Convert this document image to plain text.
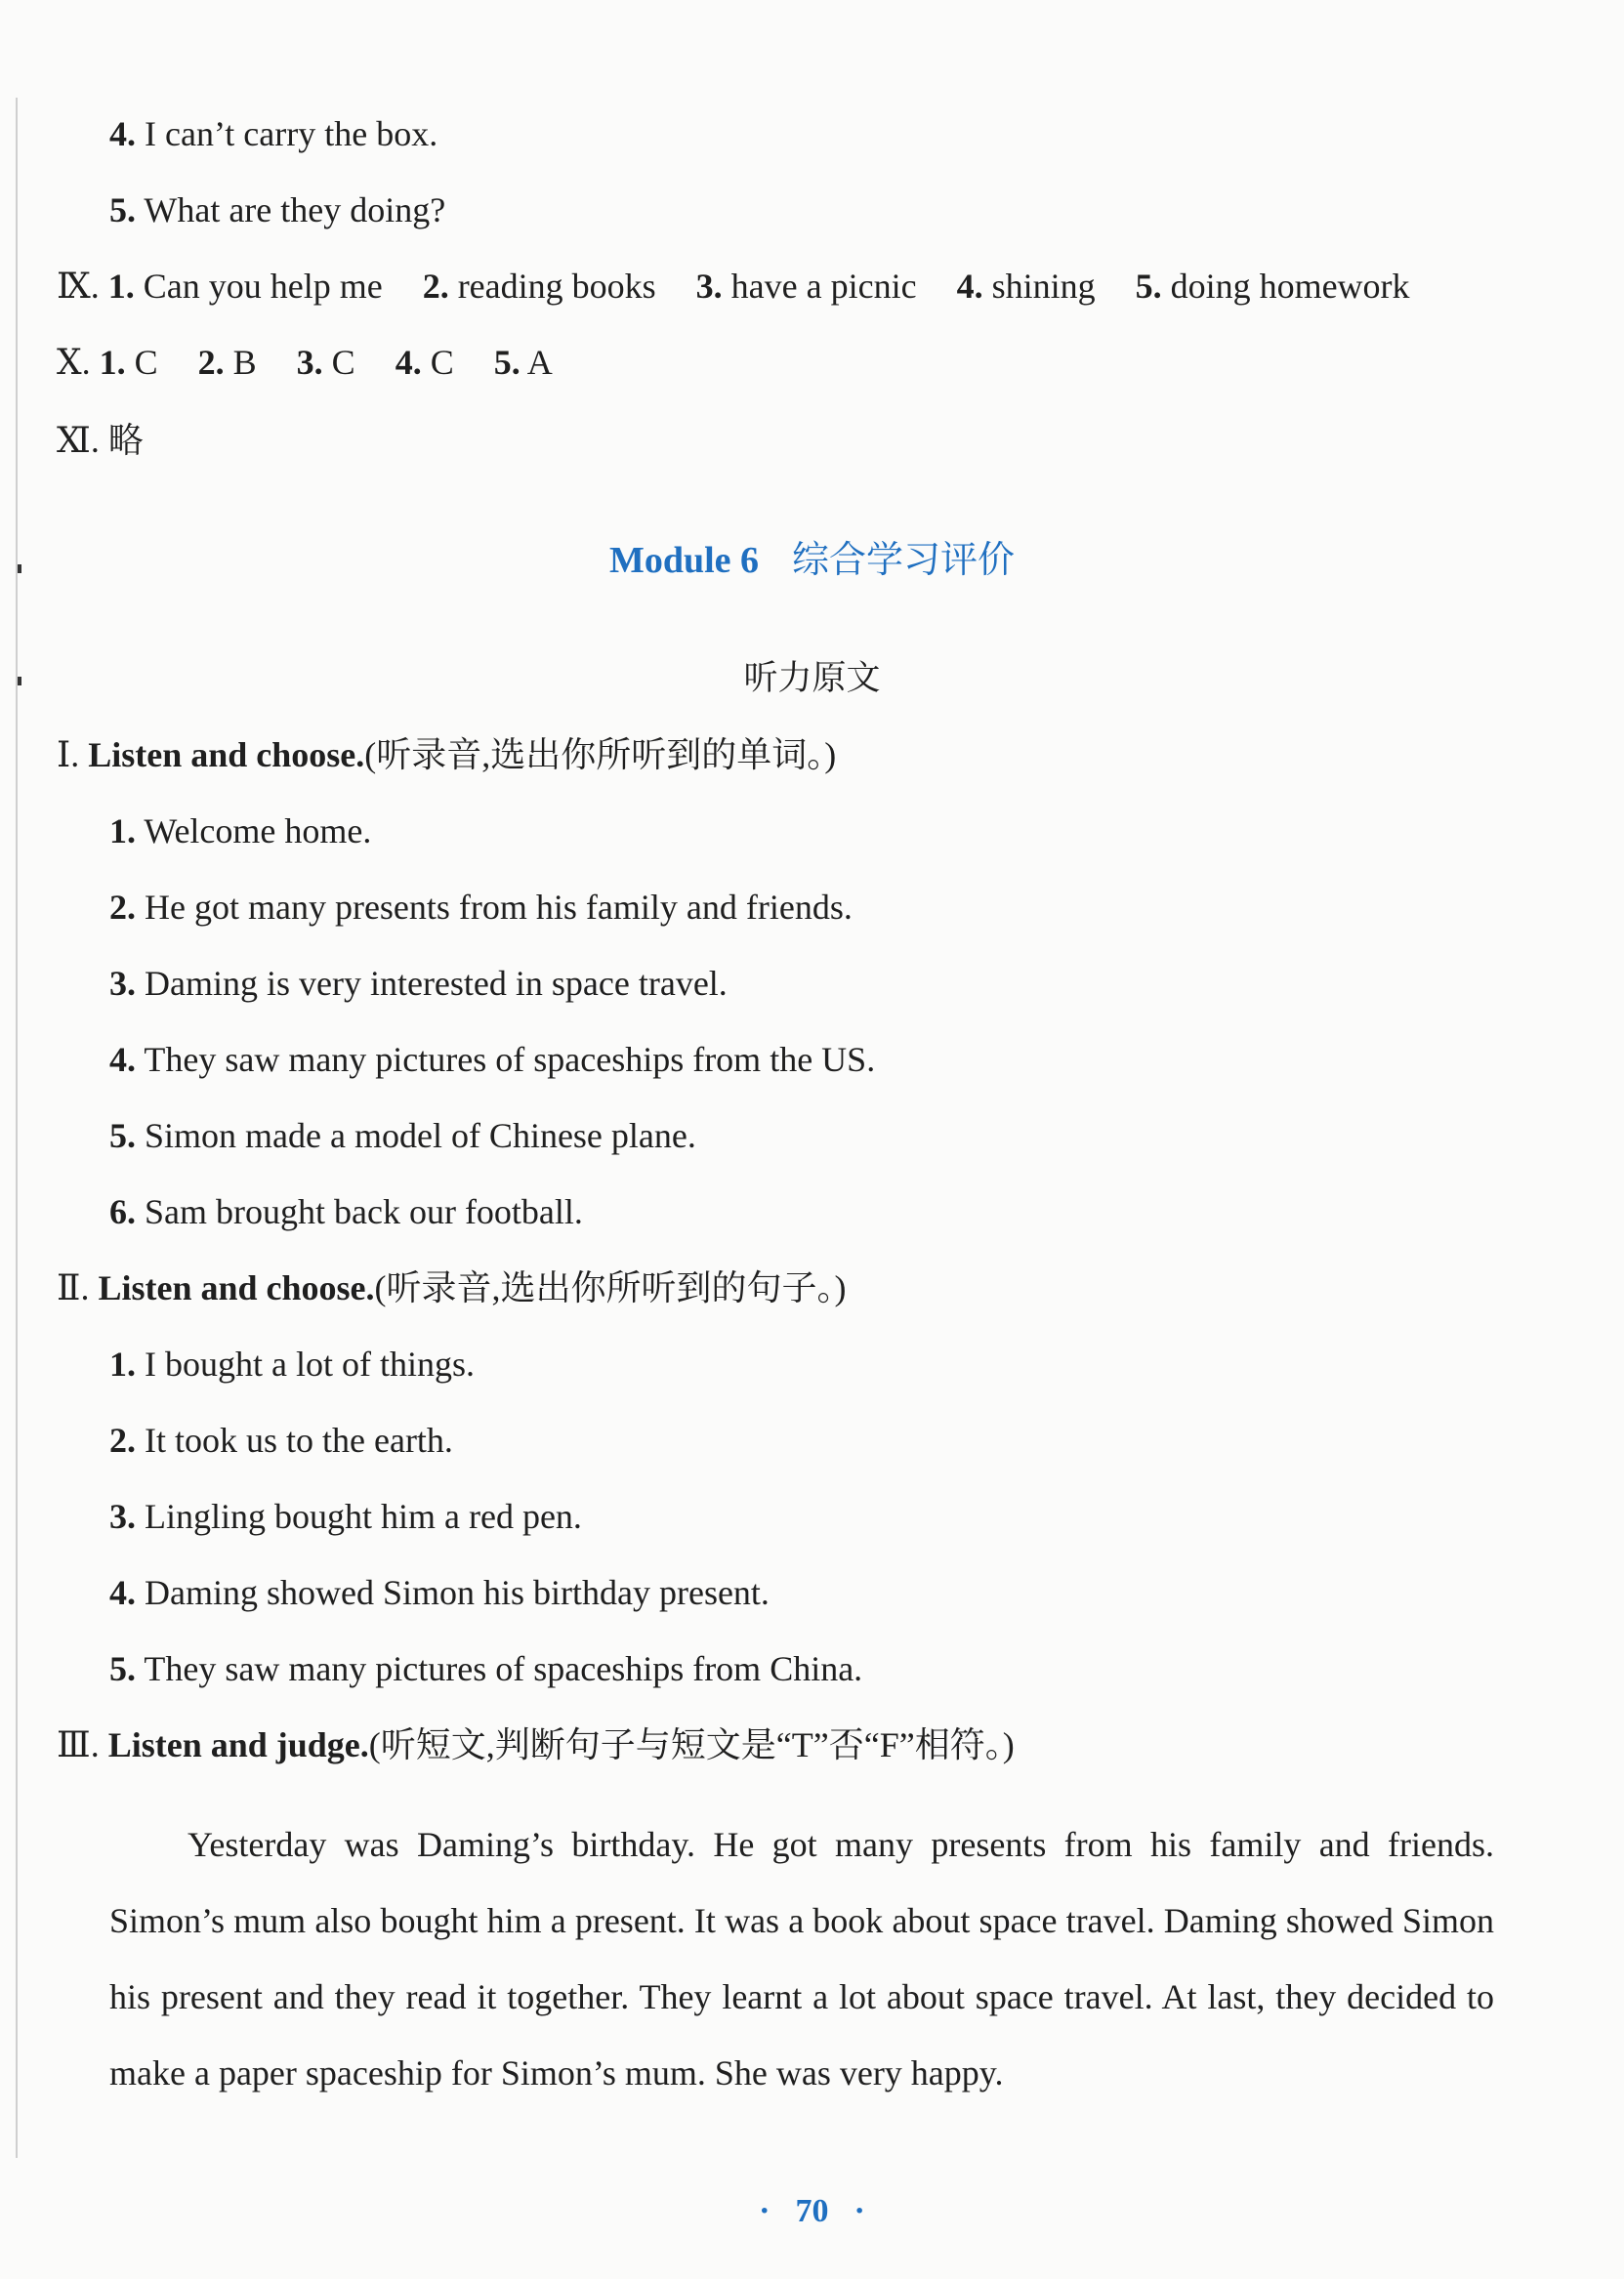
4. I can’t carry the box.
5. What are they doing?
Ⅸ. 1. Can you help me 2. reading books 3. have a picnic 4. shining 5. doing homework
Ⅹ. 1. C 2. B 3. C 4. C 5. A
Ⅺ. 略
Module 6 综合学习评价
听力原文
Ⅰ. Listen and choose.(听录音,选出你所听到的单词。)
1. Welcome home.
2. He got many presents from his family and friends.
3. Daming is very interested in space travel.
4. They saw many pictures of spaceships from the US.
5. Simon made a model of Chinese plane.
6. Sam brought back our football.
Ⅱ. Listen and choose.(听录音,选出你所听到的句子。)
1. I bought a lot of things.
2. It took us to the earth.
3. Lingling bought him a red pen.
4. Daming showed Simon his birthday present.
5. They saw many pictures of spaceships from China.
Ⅲ. Listen and judge.(听短文,判断句子与短文是“T”否“F”相符。)
Yesterday was Daming’s birthday. He got many presents from his family and friends. Simon’s mum also bought him a present. It was a book about space travel. Daming showed Simon his present and they read it together. They learnt a lot about space travel. At last, they decided to make a paper spaceship for Simon’s mum. She was very happy.
· 70 ·
